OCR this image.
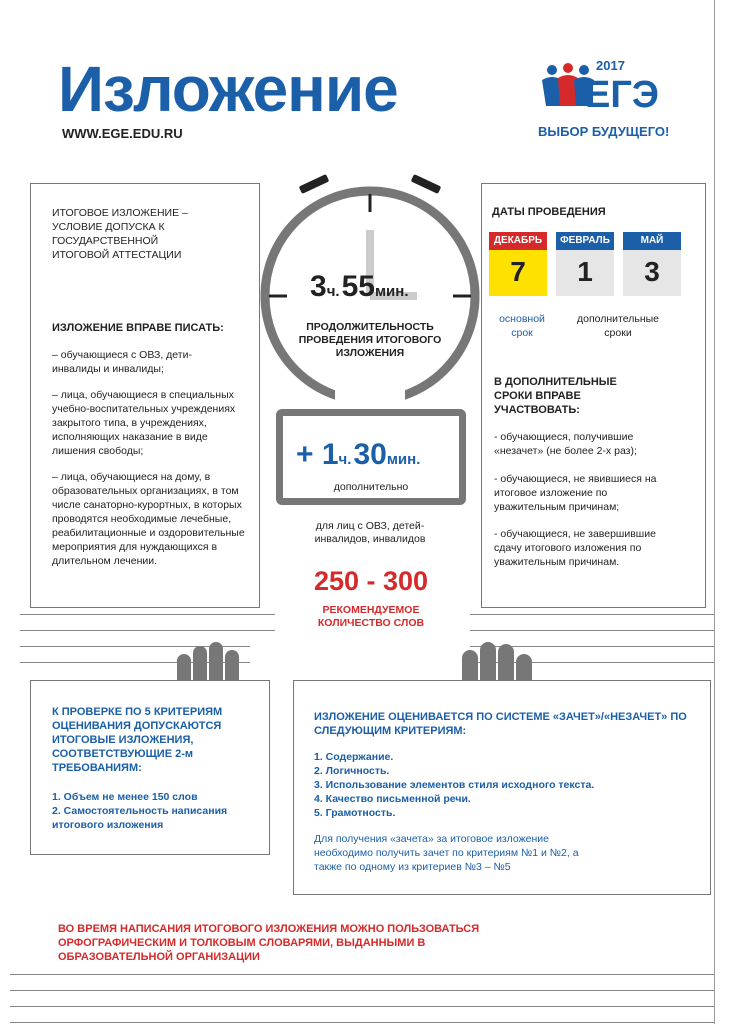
Изложение
WWW.EGE.EDU.RU
2017
ЕГЭ
ВЫБОР БУДУЩЕГО!
ИТОГОВОЕ ИЗЛОЖЕНИЕ – УСЛОВИЕ ДОПУСКА К ГОСУДАРСТВЕННОЙ ИТОГОВОЙ АТТЕСТАЦИИ
ИЗЛОЖЕНИЕ ВПРАВЕ ПИСАТЬ:
– обучающиеся с ОВЗ, дети-инвалиды и инвалиды;
– лица, обучающиеся в специальных учебно-воспитательных учреждениях закрытого типа, в учреждениях, исполняющих наказание в виде лишения свободы;
– лица, обучающиеся на дому, в образовательных организациях, в том числе санаторно-курортных, в которых проводятся необходимые лечебные, реабилитационные и оздоровительные мероприятия для нуждающихся в длительном лечении.
ДАТЫ ПРОВЕДЕНИЯ
ДЕКАБРЬ
7
ФЕВРАЛЬ
1
МАЙ
3
основной срок
дополнительные сроки
В ДОПОЛНИТЕЛЬНЫЕ СРОКИ ВПРАВЕ УЧАСТВОВАТЬ:
- обучающиеся, получившие «незачет» (не более 2-х раз);
- обучающиеся, не явившиеся на итоговое изложение по уважительным причинам;
- обучающиеся, не завершившие сдачу итогового изложения по уважительным причинам.
3ч.55мин.
ПРОДОЛЖИТЕЛЬНОСТЬ ПРОВЕДЕНИЯ ИТОГОВОГО ИЗЛОЖЕНИЯ
+ 1ч.30мин.
дополнительно
для лиц с ОВЗ, детей-инвалидов, инвалидов
250 - 300
РЕКОМЕНДУЕМОЕ КОЛИЧЕСТВО СЛОВ
К ПРОВЕРКЕ ПО 5 КРИТЕРИЯМ ОЦЕНИВАНИЯ ДОПУСКАЮТСЯ ИТОГОВЫЕ ИЗЛОЖЕНИЯ, СООТВЕТСТВУЮЩИЕ 2-м ТРЕБОВАНИЯМ:
1. Объем не менее 150 слов
2. Самостоятельность написания итогового изложения
ИЗЛОЖЕНИЕ ОЦЕНИВАЕТСЯ ПО СИСТЕМЕ «ЗАЧЕТ»/«НЕЗАЧЕТ» ПО СЛЕДУЮЩИМ КРИТЕРИЯМ:
1. Содержание.
2. Логичность.
3. Использование элементов стиля исходного текста.
4. Качество письменной речи.
5. Грамотность.
Для получения «зачета» за итоговое изложение необходимо получить зачет по критериям №1 и №2, а также по одному из критериев №3 – №5
ВО ВРЕМЯ НАПИСАНИЯ ИТОГОВОГО ИЗЛОЖЕНИЯ МОЖНО ПОЛЬЗОВАТЬСЯ ОРФОГРАФИЧЕСКИМ И ТОЛКОВЫМ СЛОВАРЯМИ, ВЫДАННЫМИ В ОБРАЗОВАТЕЛЬНОЙ ОРГАНИЗАЦИИ
